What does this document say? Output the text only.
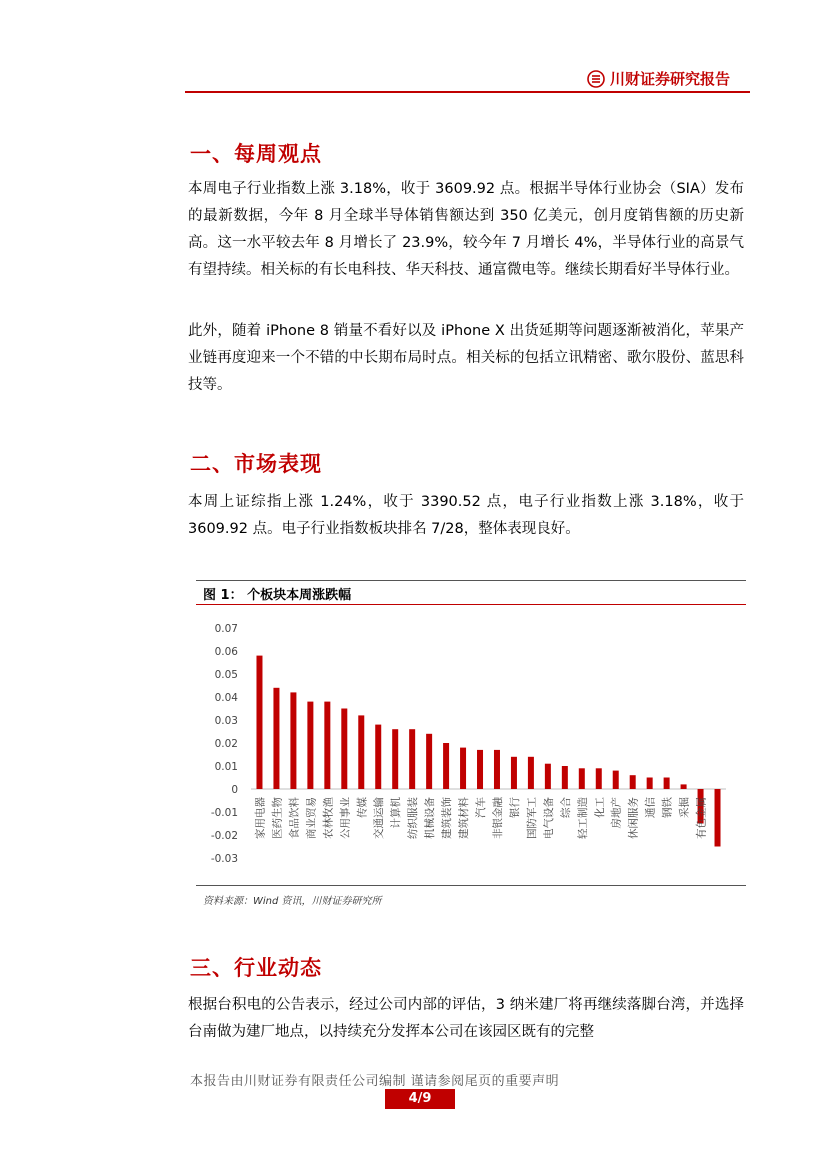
川财证券研究报告
一、每周观点
本周电子行业指数上涨 3.18%，收于 3609.92 点。根据半导体行业协会（SIA）发布的最新数据，今年 8 月全球半导体销售额达到 350 亿美元，创月度销售额的历史新高。这一水平较去年 8 月增长了 23.9%，较今年 7 月增长 4%，半导体行业的高景气有望持续。相关标的有长电科技、华天科技、通富微电等。继续长期看好半导体行业。
此外，随着 iPhone 8 销量不看好以及 iPhone X 出货延期等问题逐渐被消化，苹果产业链再度迎来一个不错的中长期布局时点。相关标的包括立讯精密、歌尔股份、蓝思科技等。
二、市场表现
本周上证综指上涨 1.24%，收于 3390.52 点，电子行业指数上涨 3.18%，收于 3609.92 点。电子行业指数板块排名 7/28，整体表现良好。
图 1： 个板块本周涨跌幅
0.07
0.06
0.05
0.04
0.03
0.02
0.01
0
-0.01
-0.02
-0.03
家用电器 医药生物 食品饮料 商业贸易 农林牧渔 公用事业 传媒 交通运输 计算机 纺织服装 机械设备 建筑装饰 建筑材料 汽车 非银金融 银行 国防军工 电气设备 综合 轻工制造 化工 房地产 休闲服务 通信 钢铁 采掘 有色金属
资料来源：Wind 资讯，川财证券研究所
三、行业动态
根据台积电的公告表示，经过公司内部的评估，3 纳米建厂将再继续落脚台湾，并选择台南做为建厂地点，以持续充分发挥本公司在该园区既有的完整
本报告由川财证券有限责任公司编制 谨请参阅尾页的重要声明
4/9
